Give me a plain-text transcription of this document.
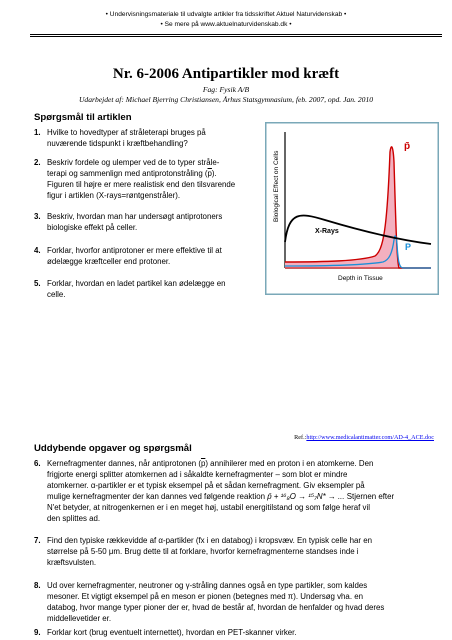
• Undervisningsmateriale til udvalgte artikler fra tidsskriftet Aktuel Naturvidenskab •
• Se mere på www.aktuelnaturvidenskab.dk •
Nr. 6-2006 Antipartikler mod kræft
Fag: Fysik A/B
Udarbejdet af: Michael Bjerring Christiansen, Århus Statsgymnasium, feb. 2007, opd. Jan. 2010
Spørgsmål til artiklen
1. Hvilke to hovedtyper af stråleterapi bruges på
nuværende tidspunkt i kræftbehandling?
2. Beskriv fordele og ulemper ved de to typer stråle-
terapi og sammenlign med antiprotonstråling $(\overline{p})$.
Figuren til højre er mere realistisk end den tilsvarende
figur i artiklen (X-rays=røntgenstråler).
3. Beskriv, hvordan man har undersøgt antiprotoners
biologiske effekt på celler.
4. Forklar, hvorfor antiprotoner er mere effektive til at
ødelægge kræftceller end protoner.
5. Forklar, hvordan en ladet partikel kan ødelægge en
celle.
Biological Effect on Cells
Depth in Tissue
X-Rays
p̄
P
Ref.:http://www.medicalantimatter.com/AD-4_ACE.doc
Uddybende opgaver og spørgsmål
6. Kernefragmenter dannes, når antiprotonen $(\overline{p})$ annihilerer med en proton i en atomkerne. Den
frigjorte energi splitter atomkernen ad i såkaldte kernefragmenter – som blot er mindre
atomkerner. α-partikler er et typisk eksempel på et sådan kernefragment. Giv eksempler på
mulige kernefragmenter der kan dannes ved følgende reaktion p̄ + ¹⁶₈O → ¹⁵₇N* → ... Stjernen efter
N'et betyder, at nitrogenkernen er i en meget høj, ustabil energitilstand og som følge heraf vil
den splittes ad.
7. Find den typiske rækkevidde af α-partikler (fx i en databog) i kropsvæv. En typisk celle har en
størrelse på 5-50 μm. Brug dette til at forklare, hvorfor kernefragmenterne standses inde i
kræftsvulsten.
8. Ud over kernefragmenter, neutroner og γ-stråling dannes også en type partikler, som kaldes
mesoner. Et vigtigt eksempel på en meson er pionen (betegnes med π). Undersøg vha. en
databog, hvor mange typer pioner der er, hvad de består af, hvordan de henfalder og hvad deres
middellevetider er.
9. Forklar kort (brug eventuelt internettet), hvordan en PET-skanner virker.
